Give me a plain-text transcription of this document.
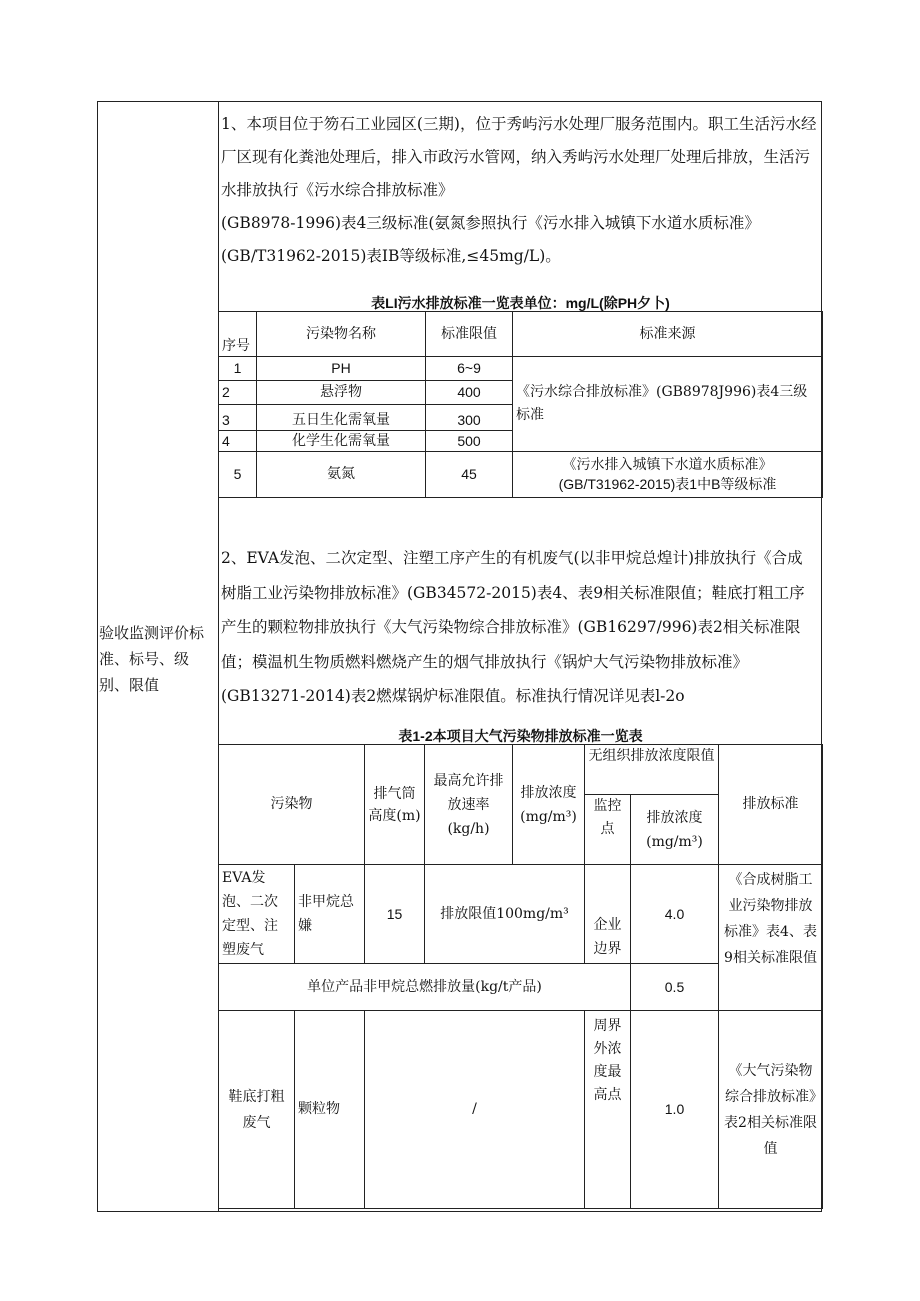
验收监测评价标准、标号、级别、限值
1、本项目位于笏石工业园区(三期)，位于秀屿污水处理厂服务范围内。职工生活污水经
厂区现有化粪池处理后，排入市政污水管网，纳入秀屿污水处理厂处理后排放，生活污
水排放执行《污水综合排放标准》
(GB8978-1996)表4三级标准(氨氮参照执行《污水排入城镇下水道水质标准》
(GB/T31962-2015)表IB等级标准,≤45mg/L)。
表LI污水排放标准一览表单位：mg/L(除PH夕卜)
序号	污染物名称	标准限值	标准来源
1	PH	6~9	《污水综合排放标准》(GB8978J996)表4三级标准
2	悬浮物	400	
3	五日生化需氧量	300	
4	化学生化需氧量	500	
5	氨氮	45	《污水排入城镇下水道水质标准》
(GB/T31962-2015)表1中B等级标准
2、EVA发泡、二次定型、注塑工序产生的有机废气(以非甲烷总煌计)排放执行《合成
树脂工业污染物排放标准》(GB34572-2015)表4、表9相关标准限值；鞋底打粗工序
产生的颗粒物排放执行《大气污染物综合排放标准》(GB16297/996)表2相关标准限
值；模温机生物质燃料燃烧产生的烟气排放执行《锅炉大气污染物排放标准》
(GB13271-2014)表2燃煤锅炉标准限值。标准执行情况详见表l-2o
表1-2本项目大气污染物排放标准一览表
污染物		排气筒高度(m)	最高允许排放速率(kg/h)	排放浓度(mg/m³)	无组织排放浓度限值		排放标准
					监控点	排放浓度(mg/m³)	
EVA发泡、二次定型、注塑废气	非甲烷总嫌	15	排放限值100mg/m³		企业边界	4.0	《合成树脂工业污染物排放标准》表4、表9相关标准限值
单位产品非甲烷总燃排放量(kg/t产品)						0.5	
鞋底打粗废气	颗粒物	/			周界外浓度最高点	1.0	《大气污染物综合排放标准》表2相关标准限值
